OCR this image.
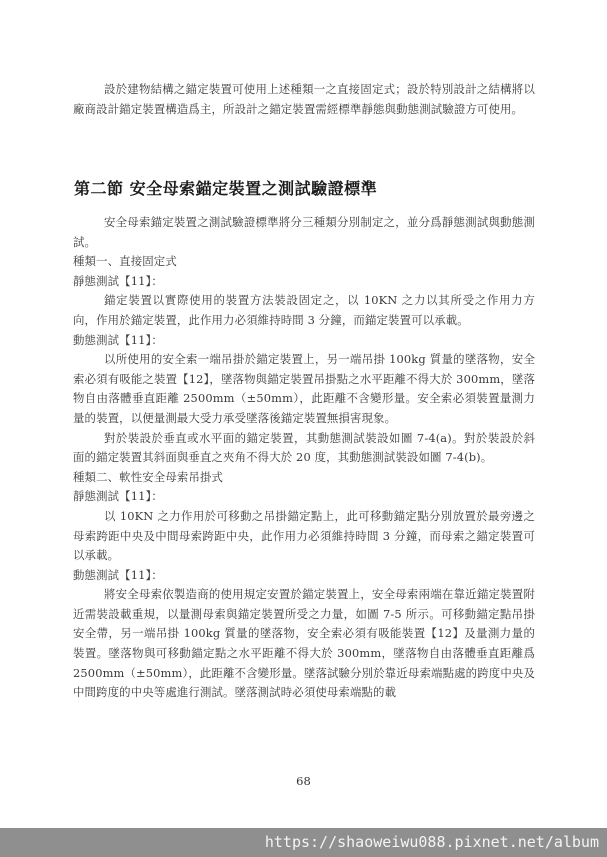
設於建物結構之錨定裝置可使用上述種類一之直接固定式；設於特別設計之結構將以廠商設計錨定裝置構造爲主，所設計之錨定裝置需經標準靜態與動態測試驗證方可使用。

第二節 安全母索錨定裝置之測試驗證標準

安全母索錨定裝置之測試驗證標準將分三種類分別制定之，並分爲靜態測試與動態測試。

種類一、直接固定式

靜態測試【11】：

錨定裝置以實際使用的裝置方法裝設固定之，以 10KN 之力以其所受之作用力方向，作用於錨定裝置，此作用力必須維持時間 3 分鐘，而錨定裝置可以承載。

動態測試【11】：

以所使用的安全索一端吊掛於錨定裝置上，另一端吊掛 100kg 質量的墜落物，安全索必須有吸能之裝置【12】，墜落物與錨定裝置吊掛點之水平距離不得大於 300mm，墜落物自由落體垂直距離 2500mm（±50mm），此距離不含變形量。安全索必須裝置量測力量的裝置，以便量測最大受力承受墜落後錨定裝置無損害現象。

對於裝設於垂直或水平面的錨定裝置，其動態測試裝設如圖 7-4(a)。對於裝設於斜面的錨定裝置其斜面與垂直之夾角不得大於 20 度，其動態測試裝設如圖 7-4(b)。

種類二、軟性安全母索吊掛式

靜態測試【11】：

以 10KN 之力作用於可移動之吊掛錨定點上，此可移動錨定點分別放置於最旁邊之母索跨距中央及中間母索跨距中央，此作用力必須維持時間 3 分鐘，而母索之錨定裝置可以承載。

動態測試【11】：

將安全母索依製造商的使用規定安置於錨定裝置上，安全母索兩端在靠近錨定裝置附近需裝設載重規，以量測母索與錨定裝置所受之力量，如圖 7-5 所示。可移動錨定點吊掛安全帶，另一端吊掛 100kg 質量的墜落物，安全索必須有吸能裝置【12】及量測力量的裝置。墜落物與可移動錨定點之水平距離不得大於 300mm，墜落物自由落體垂直距離爲 2500mm（±50mm），此距離不含變形量。墜落試驗分別於靠近母索端點處的跨度中央及中間跨度的中央等處進行測試。墜落測試時必須使母索端點的載

68
https://shaoweiwu088.pixnet.net/album
